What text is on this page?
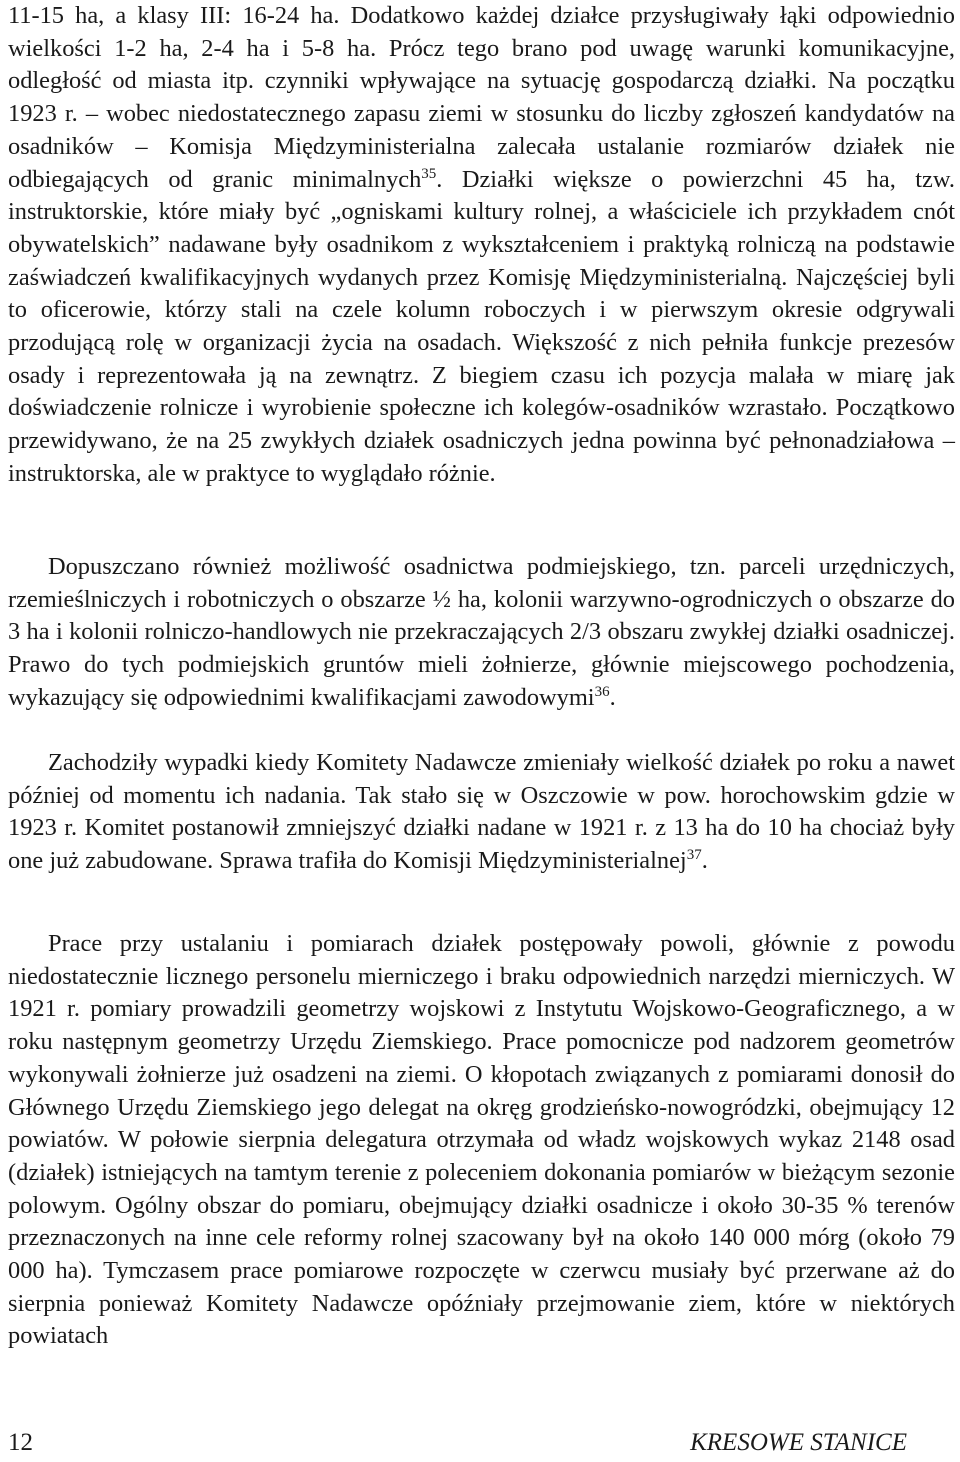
11-15 ha, a klasy III: 16-24 ha. Dodatkowo każdej działce przysługiwały łąki odpowiednio wielkości 1-2 ha, 2-4 ha i 5-8 ha. Prócz tego brano pod uwagę warunki komunikacyjne, odległość od miasta itp. czynniki wpływające na sytuację gospodarczą działki. Na początku 1923 r. – wobec niedostatecznego zapasu ziemi w stosunku do liczby zgłoszeń kandydatów na osadników – Komisja Międzyministerialna zalecała ustalanie rozmiarów działek nie odbiegających od granic minimalnych$^{35}$. Działki większe o powierzchni 45 ha, tzw. instruktorskie, które miały być „ogniskami kultury rolnej, a właściciele ich przykładem cnót obywatelskich” nadawane były osadnikom z wykształceniem i praktyką rolniczą na podstawie zaświadczeń kwalifikacyjnych wydanych przez Komisję Międzyministerialną. Najczęściej byli to oficerowie, którzy stali na czele kolumn roboczych i w pierwszym okresie odgrywali przodującą rolę w organizacji życia na osadach. Większość z nich pełniła funkcje prezesów osady i reprezentowała ją na zewnątrz. Z biegiem czasu ich pozycja malała w miarę jak doświadczenie rolnicze i wyrobienie społeczne ich kolegów-osadników wzrastało. Początkowo przewidywano, że na 25 zwykłych działek osadniczych jedna powinna być pełnonadziałowa – instruktorska, ale w praktyce to wyglądało różnie.

Dopuszczano również możliwość osadnictwa podmiejskiego, tzn. parceli urzędniczych, rzemieślniczych i robotniczych o obszarze ½ ha, kolonii warzywno-ogrodniczych o obszarze do 3 ha i kolonii rolniczo-handlowych nie przekraczających 2/3 obszaru zwykłej działki osadniczej. Prawo do tych podmiejskich gruntów mieli żołnierze, głównie miejscowego pochodzenia, wykazujący się odpowiednimi kwalifikacjami zawodowymi$^{36}$.

Zachodziły wypadki kiedy Komitety Nadawcze zmieniały wielkość działek po roku a nawet później od momentu ich nadania. Tak stało się w Oszczowie w pow. horochowskim gdzie w 1923 r. Komitet postanowił zmniejszyć działki nadane w 1921 r. z 13 ha do 10 ha chociaż były one już zabudowane. Sprawa trafiła do Komisji Międzyministerialnej$^{37}$.

Prace przy ustalaniu i pomiarach działek postępowały powoli, głównie z powodu niedostatecznie licznego personelu mierniczego i braku odpowiednich narzędzi mierniczych. W 1921 r. pomiary prowadzili geometrzy wojskowi z Instytutu Wojskowo-Geograficznego, a w roku następnym geometrzy Urzędu Ziemskiego. Prace pomocnicze pod nadzorem geometrów wykonywali żołnierze już osadzeni na ziemi. O kłopotach związanych z pomiarami donosił do Głównego Urzędu Ziemskiego jego delegat na okręg grodzieńsko-nowogródzki, obejmujący 12 powiatów. W połowie sierpnia delegatura otrzymała od władz wojskowych wykaz 2148 osad (działek) istniejących na tamtym terenie z poleceniem dokonania pomiarów w bieżącym sezonie polowym. Ogólny obszar do pomiaru, obejmujący działki osadnicze i około 30-35 % terenów przeznaczonych na inne cele reformy rolnej szacowany był na około 140 000 mórg (około 79 000 ha). Tymczasem prace pomiarowe rozpoczęte w czerwcu musiały być przerwane aż do sierpnia ponieważ Komitety Nadawcze opóźniały przejmowanie ziem, które w niektórych powiatach

12	KRESOWE STANICE
